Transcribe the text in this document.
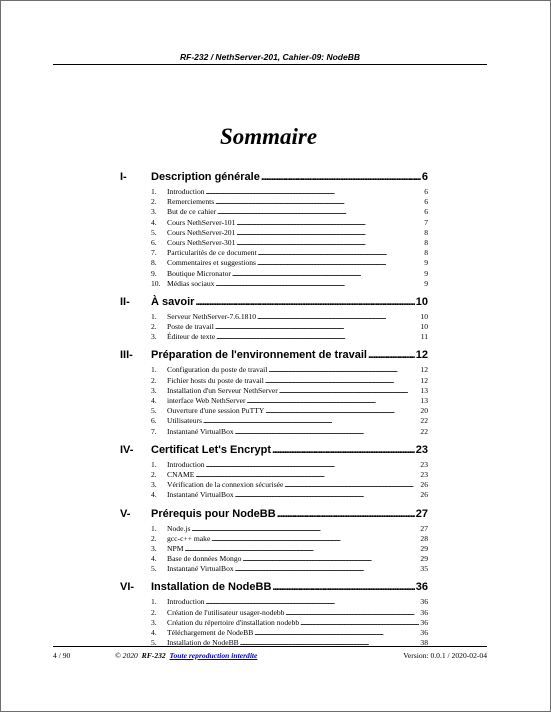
RF-232 / NethServer-201, Cahier-09: NodeBB
Sommaire
I-	Description générale . . .	6
1.	Introduction . . .	6
2.	Remerciements . . .	6
3.	But de ce cahier . . .	6
4.	Cours NethServer-101 . . .	7
5.	Cours NethServer-201 . . .	8
6.	Cours NethServer-301 . . .	8
7.	Particularités de ce document . . .	8
8.	Commentaires et suggestions . . .	9
9.	Boutique Micronator . . .	9
10. Médias sociaux . . .	9
II-	À savoir . . .	10
1.	Serveur NethServer-7.6.1810 . . .	10
2.	Poste de travail . . .	10
3.	Éditeur de texte . . .	11
III-	Préparation de l'environnement de travail . . .	12
1.	Configuration du poste de travail . . .	12
2.	Fichier hosts du poste de travail . . .	12
3.	Installation d'un Serveur NethServer . . .	13
4.	interface Web NethServer . . .	13
5.	Ouverture d'une session PuTTY . . .	20
6.	Utilisateurs . . .	22
7.	Instantané VirtualBox . . .	22
IV-	Certificat Let's Encrypt . . .	23
1.	Introduction . . .	23
2.	CNAME . . .	23
3.	Vérification de la connexion sécurisée . . .	26
4.	Instantané VirtualBox . . .	26
V-	Prérequis pour NodeBB . . .	27
1.	Node.js . . .	27
2.	gcc-c++ make . . .	28
3.	NPM . . .	29
4.	Base de données Mongo . . .	29
5.	Instantané VirtualBox . . .	35
VI-	Installation de NodeBB . . .	36
1.	Introduction . . .	36
2.	Création de l'utilisateur usager-nodebb . . .	36
3.	Création du répertoire d'installation nodebb . . .	36
4.	Téléchargement de NodeBB . . .	36
5.	Installation de NodeBB . . .	38
4 / 90	© 2020 RF-232 Toute reproduction interdite	Version: 0.0.1 / 2020-02-04
